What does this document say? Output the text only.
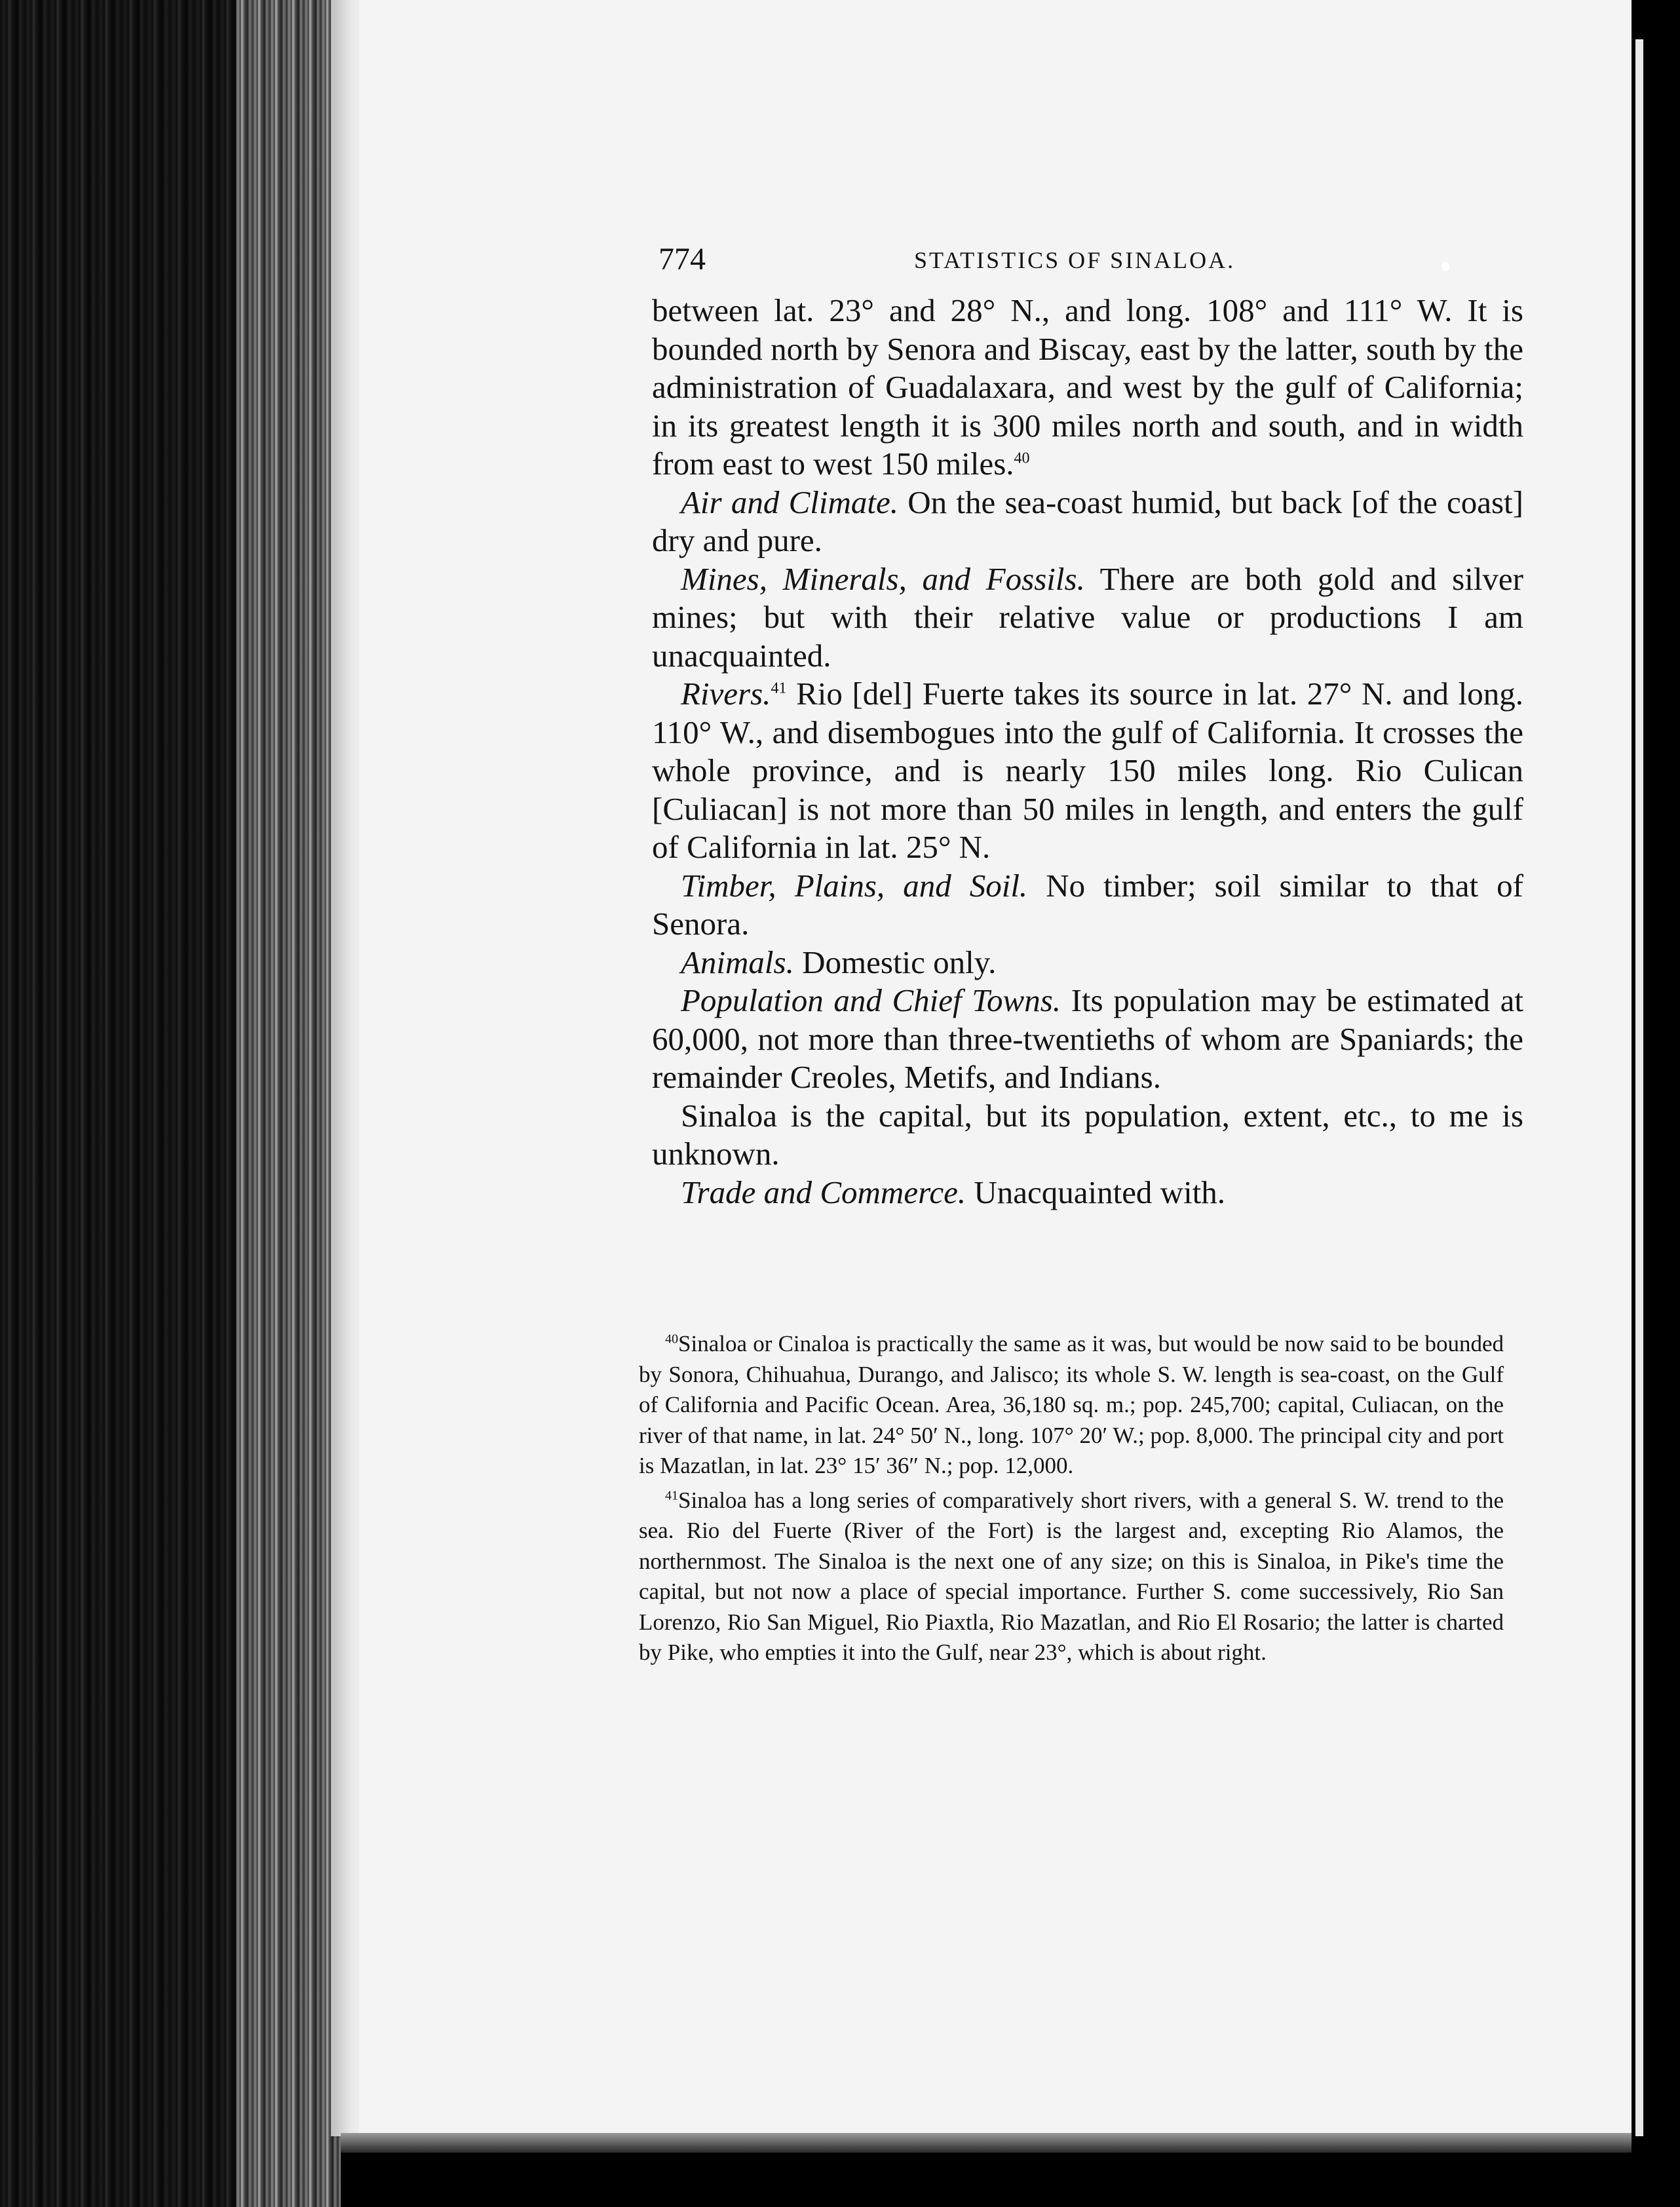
774	STATISTICS OF SINALOA.

between lat. 23° and 28° N., and long. 108° and 111° W. It is bounded north by Senora and Biscay, east by the latter, south by the administration of Guadalaxara, and west by the gulf of California; in its greatest length it is 300 miles north and south, and in width from east to west 150 miles.$^{40}$

Air and Climate. On the sea-coast humid, but back [of the coast] dry and pure.

Mines, Minerals, and Fossils. There are both gold and silver mines; but with their relative value or productions I am unacquainted.

Rivers.$^{41}$ Rio [del] Fuerte takes its source in lat. 27° N. and long. 110° W., and disembogues into the gulf of California. It crosses the whole province, and is nearly 150 miles long. Rio Culican [Culiacan] is not more than 50 miles in length, and enters the gulf of California in lat. 25° N.

Timber, Plains, and Soil. No timber; soil similar to that of Senora.

Animals. Domestic only.

Population and Chief Towns. Its population may be estimated at 60,000, not more than three-twentieths of whom are Spaniards; the remainder Creoles, Metifs, and Indians.

Sinaloa is the capital, but its population, extent, etc., to me is unknown.

Trade and Commerce. Unacquainted with.

$^{40}$Sinaloa or Cinaloa is practically the same as it was, but would be now said to be bounded by Sonora, Chihuahua, Durango, and Jalisco; its whole S. W. length is sea-coast, on the Gulf of California and Pacific Ocean. Area, 36,180 sq. m.; pop. 245,700; capital, Culiacan, on the river of that name, in lat. 24° 50′ N., long. 107° 20′ W.; pop. 8,000. The principal city and port is Mazatlan, in lat. 23° 15′ 36″ N.; pop. 12,000.

$^{41}$Sinaloa has a long series of comparatively short rivers, with a general S. W. trend to the sea. Rio del Fuerte (River of the Fort) is the largest and, excepting Rio Alamos, the northernmost. The Sinaloa is the next one of any size; on this is Sinaloa, in Pike's time the capital, but not now a place of special importance. Further S. come successively, Rio San Lorenzo, Rio San Miguel, Rio Piaxtla, Rio Mazatlan, and Rio El Rosario; the latter is charted by Pike, who empties it into the Gulf, near 23°, which is about right.
